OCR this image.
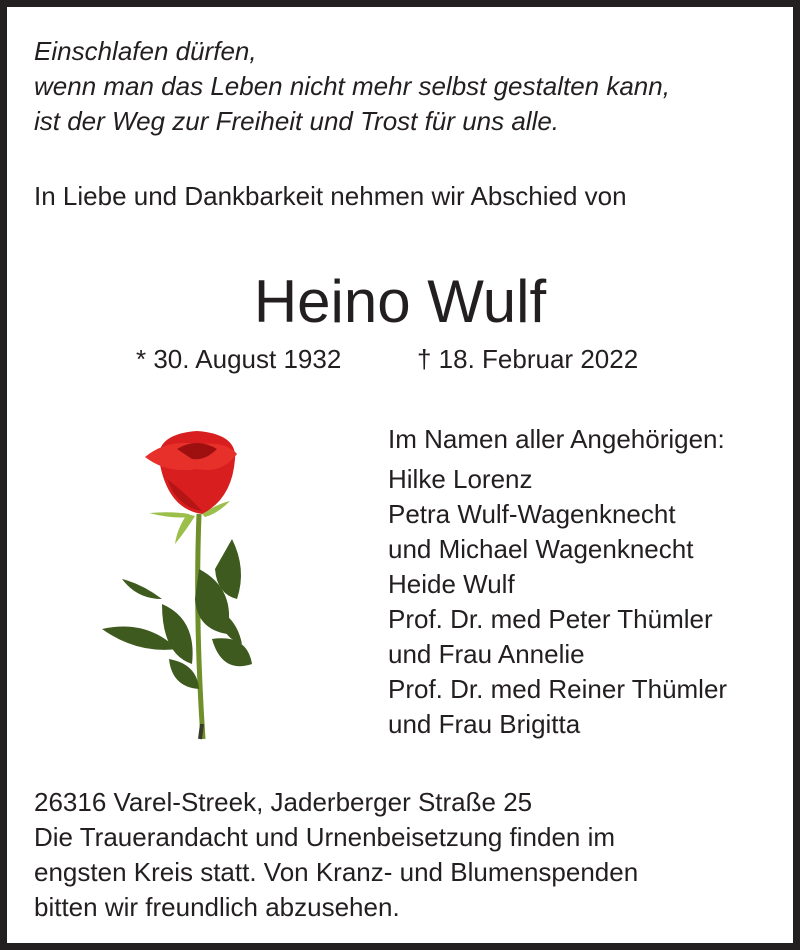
Einschlafen dürfen,
wenn man das Leben nicht mehr selbst gestalten kann,
ist der Weg zur Freiheit und Trost für uns alle.

In Liebe und Dankbarkeit nehmen wir Abschied von

Heino Wulf

* 30. August 1932	† 18. Februar 2022

Im Namen aller Angehörigen:
Hilke Lorenz
Petra Wulf-Wagenknecht
und Michael Wagenknecht
Heide Wulf
Prof. Dr. med Peter Thümler
und Frau Annelie
Prof. Dr. med Reiner Thümler
und Frau Brigitta
26316 Varel-Streek, Jaderberger Straße 25
Die Trauerandacht und Urnenbeisetzung finden im
engsten Kreis statt. Von Kranz- und Blumenspenden
bitten wir freundlich abzusehen.
